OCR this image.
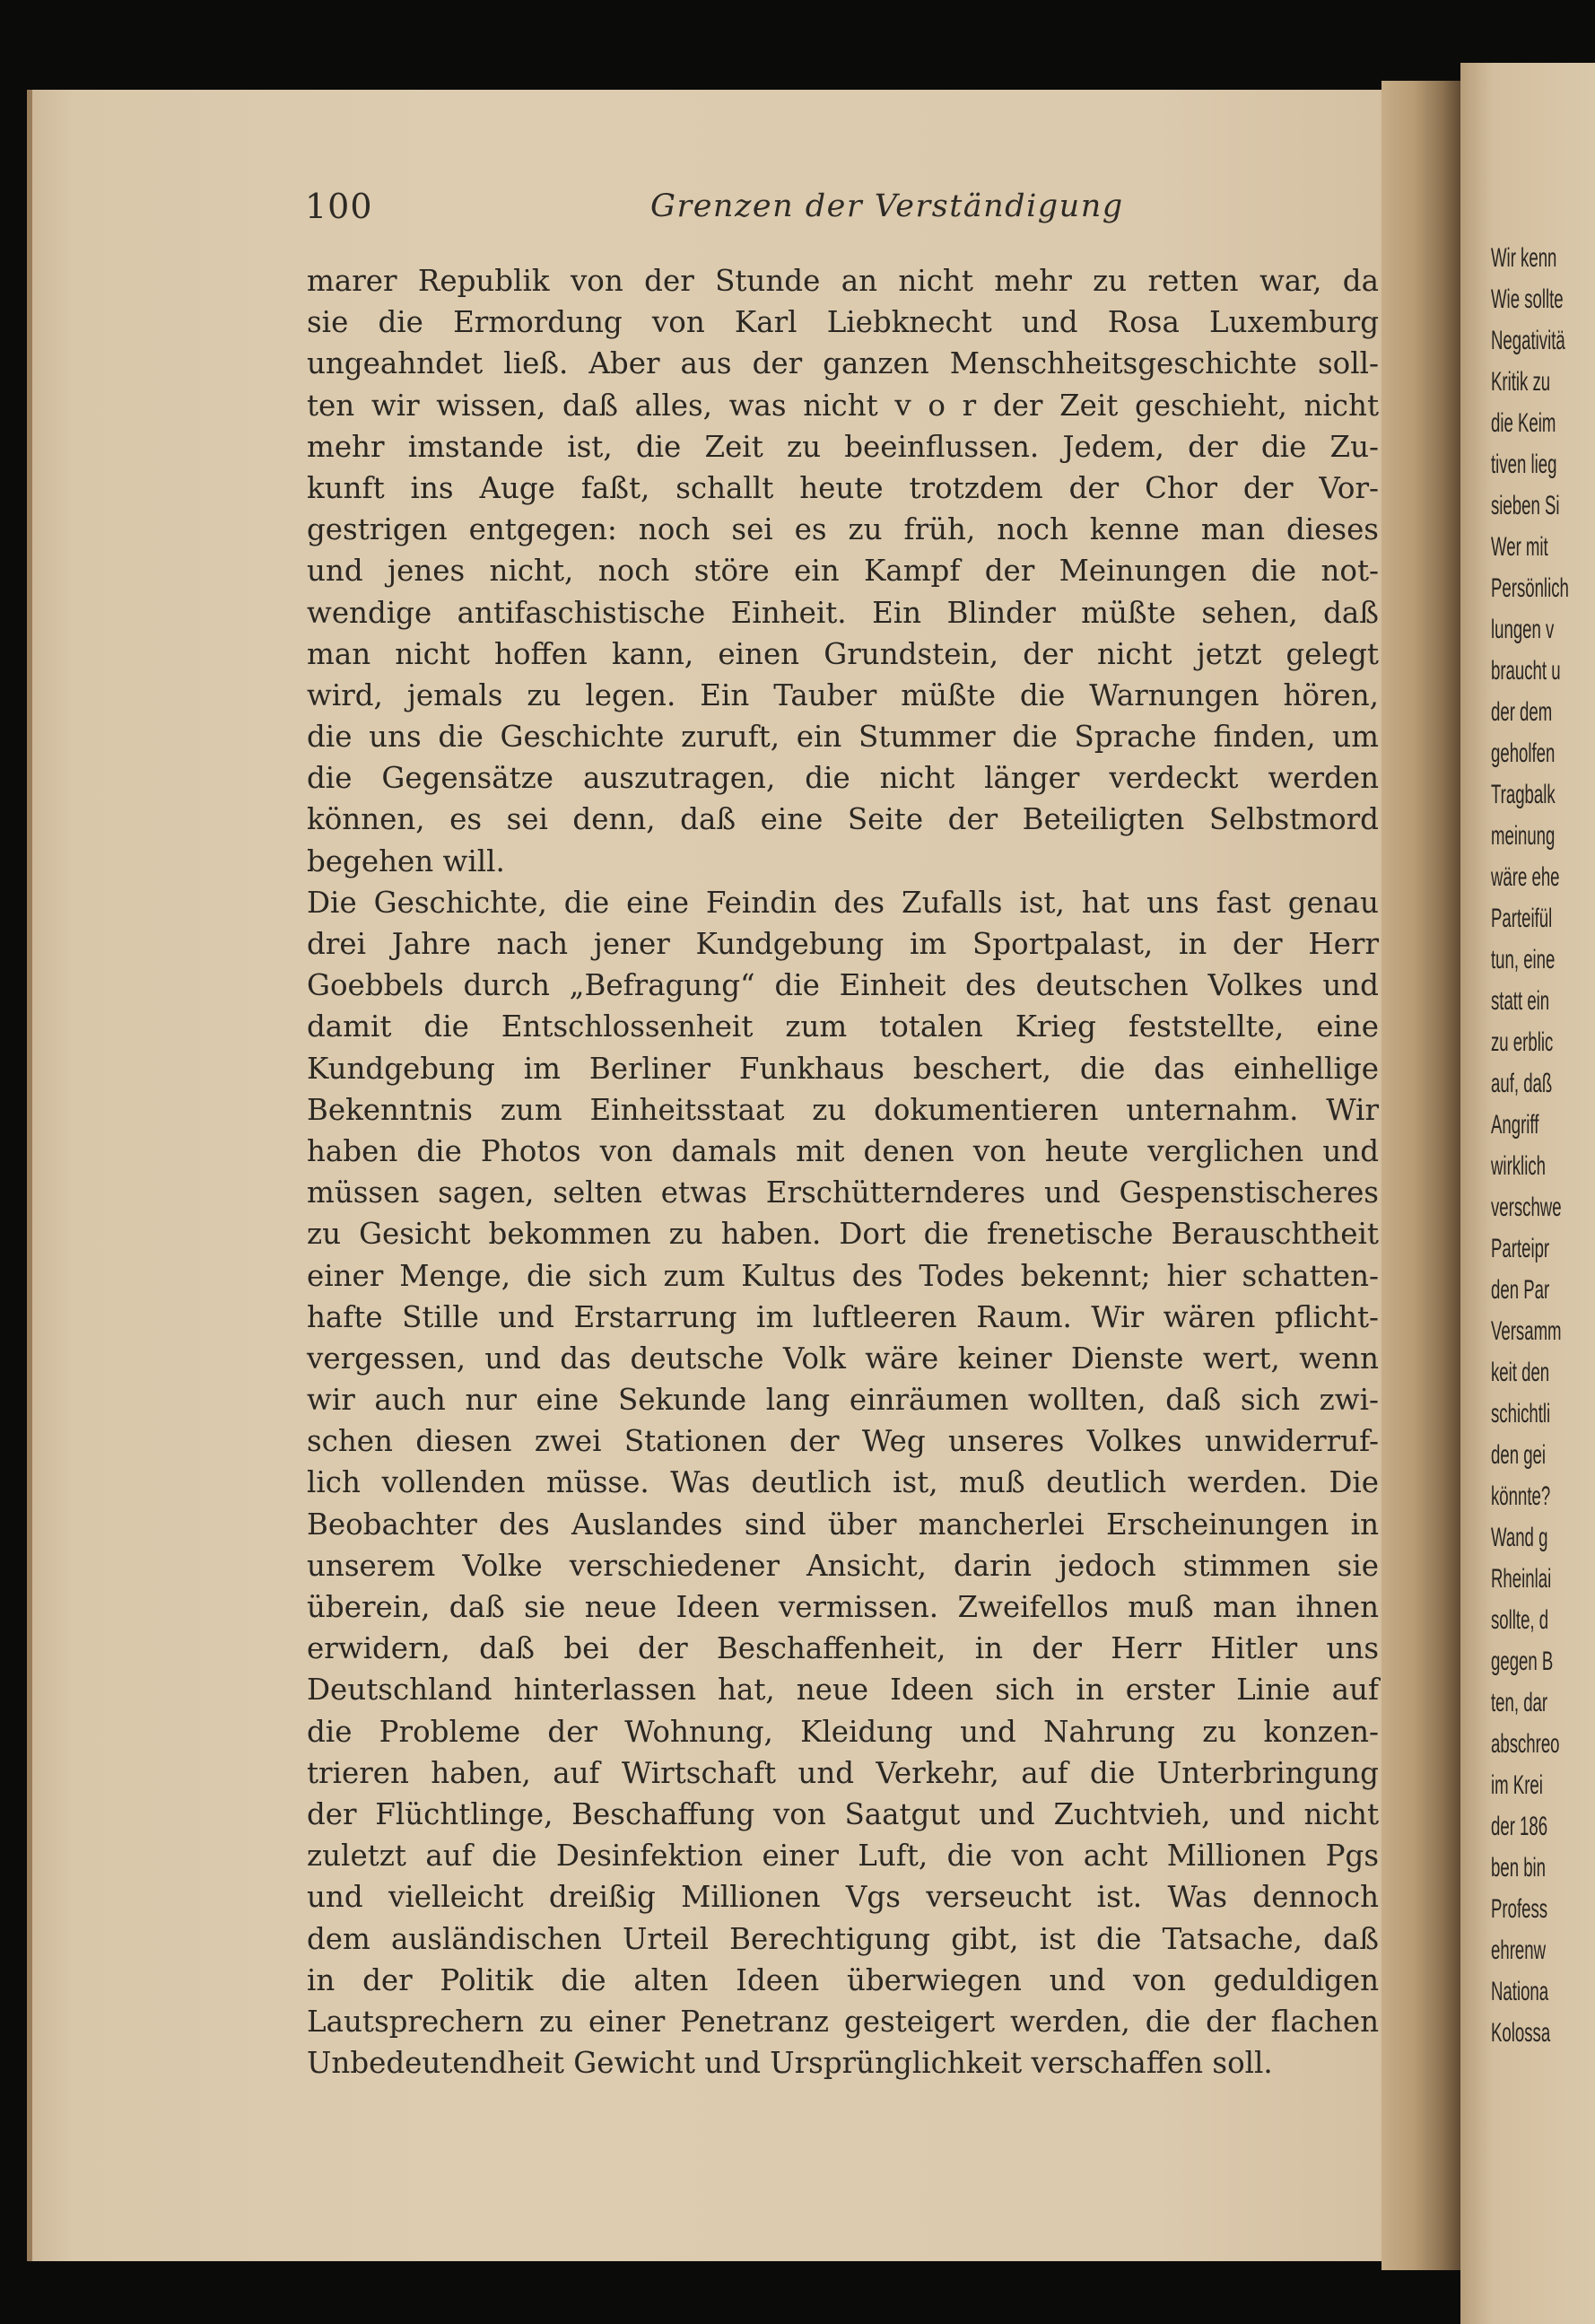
100	Grenzen der Verständigung
marer Republik von der Stunde an nicht mehr zu retten war, da
sie die Ermordung von Karl Liebknecht und Rosa Luxemburg
ungeahndet ließ. Aber aus der ganzen Menschheitsgeschichte soll-
ten wir wissen, daß alles, was nicht v o r der Zeit geschieht, nicht
mehr imstande ist, die Zeit zu beeinflussen. Jedem, der die Zu-
kunft ins Auge faßt, schallt heute trotzdem der Chor der Vor-
gestrigen entgegen: noch sei es zu früh, noch kenne man dieses
und jenes nicht, noch störe ein Kampf der Meinungen die not-
wendige antifaschistische Einheit. Ein Blinder müßte sehen, daß
man nicht hoffen kann, einen Grundstein, der nicht jetzt gelegt
wird, jemals zu legen. Ein Tauber müßte die Warnungen hören,
die uns die Geschichte zuruft, ein Stummer die Sprache finden, um
die Gegensätze auszutragen, die nicht länger verdeckt werden
können, es sei denn, daß eine Seite der Beteiligten Selbstmord
begehen will.
Die Geschichte, die eine Feindin des Zufalls ist, hat uns fast genau
drei Jahre nach jener Kundgebung im Sportpalast, in der Herr
Goebbels durch „Befragung“ die Einheit des deutschen Volkes und
damit die Entschlossenheit zum totalen Krieg feststellte, eine
Kundgebung im Berliner Funkhaus beschert, die das einhellige
Bekenntnis zum Einheitsstaat zu dokumentieren unternahm. Wir
haben die Photos von damals mit denen von heute verglichen und
müssen sagen, selten etwas Erschütternderes und Gespenstischeres
zu Gesicht bekommen zu haben. Dort die frenetische Berauschtheit
einer Menge, die sich zum Kultus des Todes bekennt; hier schatten-
hafte Stille und Erstarrung im luftleeren Raum. Wir wären pflicht-
vergessen, und das deutsche Volk wäre keiner Dienste wert, wenn
wir auch nur eine Sekunde lang einräumen wollten, daß sich zwi-
schen diesen zwei Stationen der Weg unseres Volkes unwiderruf-
lich vollenden müsse. Was deutlich ist, muß deutlich werden. Die
Beobachter des Auslandes sind über mancherlei Erscheinungen in
unserem Volke verschiedener Ansicht, darin jedoch stimmen sie
überein, daß sie neue Ideen vermissen. Zweifellos muß man ihnen
erwidern, daß bei der Beschaffenheit, in der Herr Hitler uns
Deutschland hinterlassen hat, neue Ideen sich in erster Linie auf
die Probleme der Wohnung, Kleidung und Nahrung zu konzen-
trieren haben, auf Wirtschaft und Verkehr, auf die Unterbringung
der Flüchtlinge, Beschaffung von Saatgut und Zuchtvieh, und nicht
zuletzt auf die Desinfektion einer Luft, die von acht Millionen Pgs
und vielleicht dreißig Millionen Vgs verseucht ist. Was dennoch
dem ausländischen Urteil Berechtigung gibt, ist die Tatsache, daß
in der Politik die alten Ideen überwiegen und von geduldigen
Lautsprechern zu einer Penetranz gesteigert werden, die der flachen
Unbedeutendheit Gewicht und Ursprünglichkeit verschaffen soll.
Wir kenn
Wie sollte
Negativitä
Kritik zu
die Keim
tiven lieg
sieben Si
Wer mit
Persönlich
lungen v
braucht u
der dem
geholfen
Tragbalk
meinung
wäre ehe
Parteifül
tun, eine
statt ein
zu erblic
auf, daß
Angriff
wirklich
verschwe
Parteipr
den Par
Versamm
keit den
schichtli
den gei
könnte?
Wand g
Rheinlai
sollte, d
gegen B
ten, dar
abschreo
im Krei
der 186
ben bin
Profess
ehrenw
Nationa
Kolossa
